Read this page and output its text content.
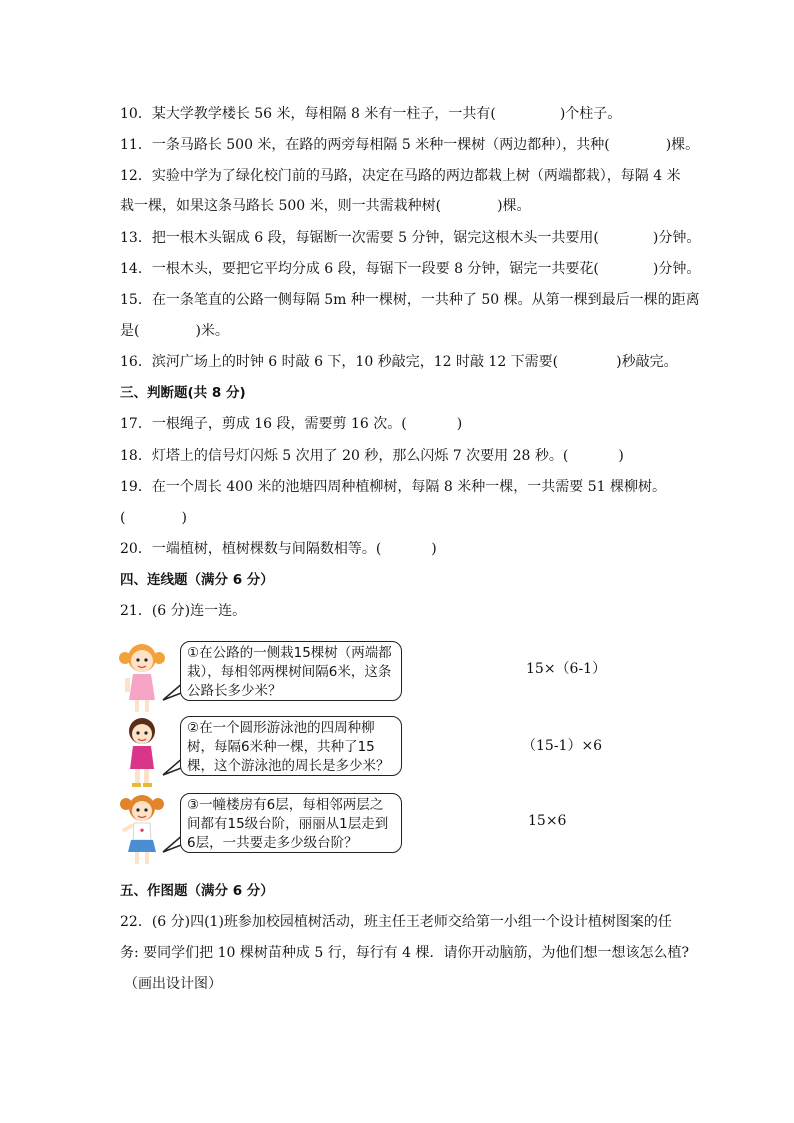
10．某大学教学楼长 56 米，每相隔 8 米有一柱子，一共有(	)个柱子。
11．一条马路长 500 米，在路的两旁每相隔 5 米种一棵树（两边都种），共种(	)棵。
12．实验中学为了绿化校门前的马路，决定在马路的两边都栽上树（两端都栽），每隔 4 米
栽一棵，如果这条马路长 500 米，则一共需栽种树(	)棵。
13．把一根木头锯成 6 段，每锯断一次需要 5 分钟，锯完这根木头一共要用(	)分钟。
14．一根木头，要把它平均分成 6 段，每锯下一段要 8 分钟，锯完一共要花(	)分钟。
15．在一条笔直的公路一侧每隔 5m 种一棵树，一共种了 50 棵。从第一棵到最后一棵的距离
是(	)米。
16．滨河广场上的时钟 6 时敲 6 下，10 秒敲完，12 时敲 12 下需要(	)秒敲完。
三、判断题(共 8 分)
17．一根绳子，剪成 16 段，需要剪 16 次。(	)
18．灯塔上的信号灯闪烁 5 次用了 20 秒，那么闪烁 7 次要用 28 秒。(	)
19．在一个周长 400 米的池塘四周种植柳树，每隔 8 米种一棵，一共需要 51 棵柳树。
(	)
20．一端植树，植树棵数与间隔数相等。(	)
四、连线题（满分 6 分）
21．(6 分)连一连。
①在公路的一侧栽15棵树（两端都栽），每相邻两棵树间隔6米，这条公路长多少米？
15×（6-1）
②在一个圆形游泳池的四周种柳树，每隔6米种一棵，共种了15棵，这个游泳池的周长是多少米？
（15-1）×6
③一幢楼房有6层，每相邻两层之间都有15级台阶，丽丽从1层走到6层，一共要走多少级台阶？
15×6
五、作图题（满分 6 分）
22．(6 分)四(1)班参加校园植树活动，班主任王老师交给第一小组一个设计植树图案的任
务: 要同学们把 10 棵树苗种成 5 行，每行有 4 棵．请你开动脑筋，为他们想一想该怎么植?
（画出设计图）
